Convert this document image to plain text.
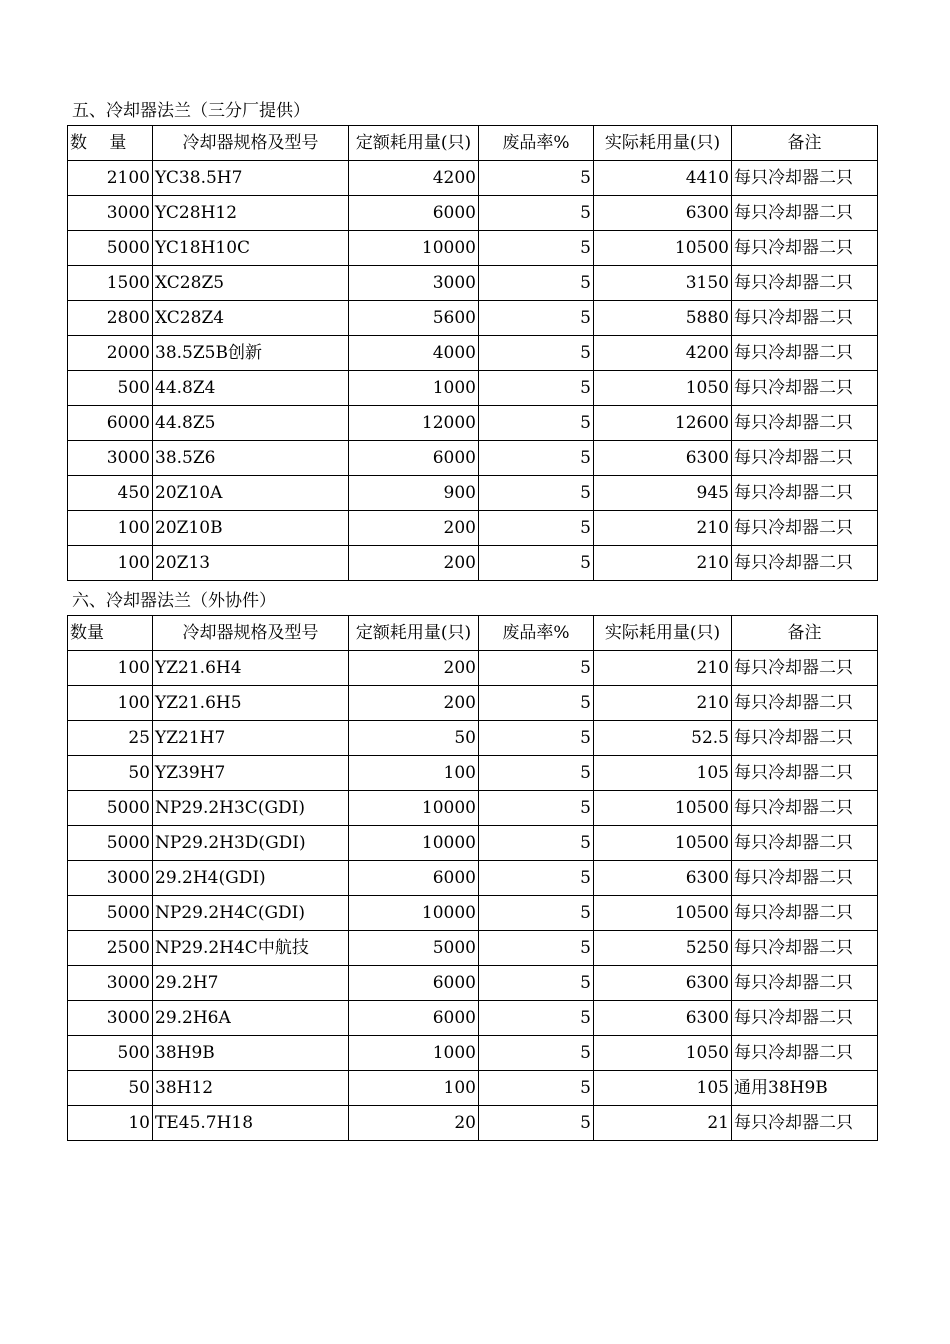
五、冷却器法兰（三分厂提供）
数　 量	冷却器规格及型号	定额耗用量(只)	废品率%	实际耗用量(只)	备注
2100	YC38.5H7	4200	5	4410	每只冷却器二只
3000	YC28H12	6000	5	6300	每只冷却器二只
5000	YC18H10C	10000	5	10500	每只冷却器二只
1500	XC28Z5	3000	5	3150	每只冷却器二只
2800	XC28Z4	5600	5	5880	每只冷却器二只
2000	38.5Z5B创新	4000	5	4200	每只冷却器二只
500	44.8Z4	1000	5	1050	每只冷却器二只
6000	44.8Z5	12000	5	12600	每只冷却器二只
3000	38.5Z6	6000	5	6300	每只冷却器二只
450	20Z10A	900	5	945	每只冷却器二只
100	20Z10B	200	5	210	每只冷却器二只
100	20Z13	200	5	210	每只冷却器二只
六、冷却器法兰（外协件）
数量	冷却器规格及型号	定额耗用量(只)	废品率%	实际耗用量(只)	备注
100	YZ21.6H4	200	5	210	每只冷却器二只
100	YZ21.6H5	200	5	210	每只冷却器二只
25	YZ21H7	50	5	52.5	每只冷却器二只
50	YZ39H7	100	5	105	每只冷却器二只
5000	NP29.2H3C(GDI)	10000	5	10500	每只冷却器二只
5000	NP29.2H3D(GDI)	10000	5	10500	每只冷却器二只
3000	29.2H4(GDI)	6000	5	6300	每只冷却器二只
5000	NP29.2H4C(GDI)	10000	5	10500	每只冷却器二只
2500	NP29.2H4C中航技	5000	5	5250	每只冷却器二只
3000	29.2H7	6000	5	6300	每只冷却器二只
3000	29.2H6A	6000	5	6300	每只冷却器二只
500	38H9B	1000	5	1050	每只冷却器二只
50	38H12	100	5	105	通用38H9B
10	TE45.7H18	20	5	21	每只冷却器二只
